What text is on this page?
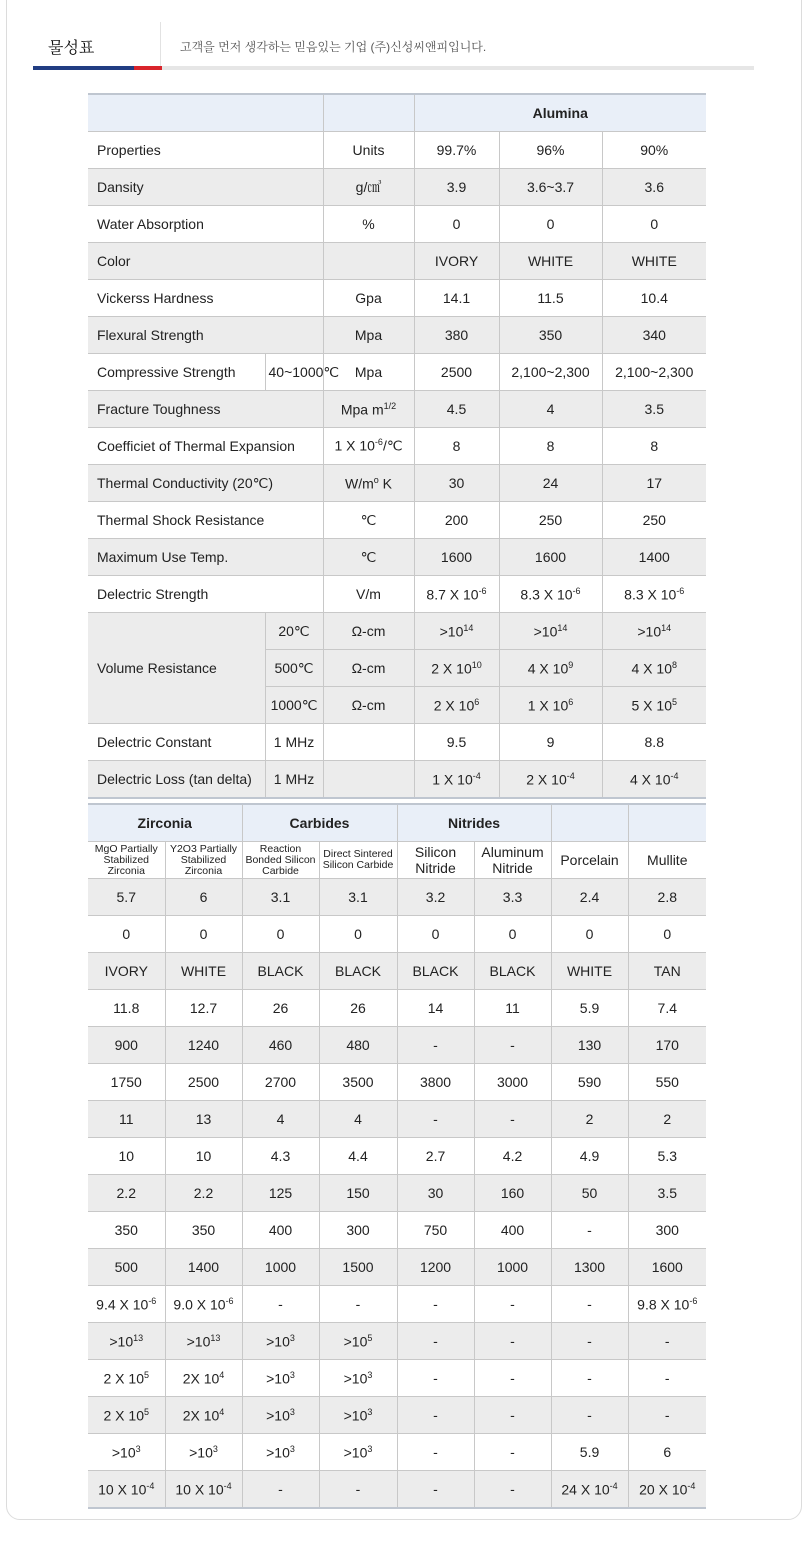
물성표	고객을 먼저 생각하는 믿음있는 기업 (주)신성씨앤피입니다.
			Alumina		
Properties		Units	99.7%	96%	90%
Dansity		g/㎤	3.9	3.6~3.7	3.6
Water Absorption		%	0	0	0
Color			IVORY	WHITE	WHITE
Vickerss Hardness		Gpa	14.1	11.5	10.4
Flexural Strength		Mpa	380	350	340
Compressive Strength	40~1000℃	Mpa	2500	2,100~2,300	2,100~2,300
Fracture Toughness		Mpa $m^{1/2}$	4.5	4	3.5
Coefficiet of Thermal Expansion		1 X $10^{-6}/℃$	8	8	8
Thermal Conductivity (20℃)		$W/m^o$ K	30	24	17
Thermal Shock Resistance		℃	200	250	250
Maximum Use Temp.		℃	1600	1600	1400
Delectric Strength		V/m	8.7 X $10^{-6}$	8.3 X $10^{-6}$	8.3 X $10^{-6}$
Volume Resistance	20℃	Ω-cm	$>10^{14}$	$>10^{14}$	$>10^{14}$
	500℃	Ω-cm	2 X $10^{10}$	4 X $10^9$	4 X $10^8$
	1000℃	Ω-cm	2 X $10^6$	1 X $10^6$	5 X $10^5$
Delectric Constant	1 MHz		9.5	9	8.8
Delectric Loss (tan delta)	1 MHz		1 X $10^{-4}$	2 X $10^{-4}$	4 X $10^{-4}$
Zirconia		Carbides		Nitrides			
MgO Partially Stabilized Zirconia	Y2O3 Partially Stabilized Zirconia	Reaction Bonded Silicon Carbide	Direct Sintered Silicon Carbide	Silicon Nitride	Aluminum Nitride	Porcelain	Mullite
5.7	6	3.1	3.1	3.2	3.3	2.4	2.8
0	0	0	0	0	0	0	0
IVORY	WHITE	BLACK	BLACK	BLACK	BLACK	WHITE	TAN
11.8	12.7	26	26	14	11	5.9	7.4
900	1240	460	480	-	-	130	170
1750	2500	2700	3500	3800	3000	590	550
11	13	4	4	-	-	2	2
10	10	4.3	4.4	2.7	4.2	4.9	5.3
2.2	2.2	125	150	30	160	50	3.5
350	350	400	300	750	400	-	300
500	1400	1000	1500	1200	1000	1300	1600
9.4 X $10^{-6}$	9.0 X $10^{-6}$	-	-	-	-	-	9.8 X $10^{-6}$
$>10^{13}$	$>10^{13}$	$>10^3$	$>10^5$	-	-	-	-
2 X $10^5$	2X $10^4$	$>10^3$	$>10^3$	-	-	-	-
2 X $10^5$	2X $10^4$	$>10^3$	$>10^3$	-	-	-	-
$>10^3$	$>10^3$	$>10^3$	$>10^3$	-	-	5.9	6
10 X $10^{-4}$	10 X $10^{-4}$	-	-	-	-	24 X $10^{-4}$	20 X $10^{-4}$
